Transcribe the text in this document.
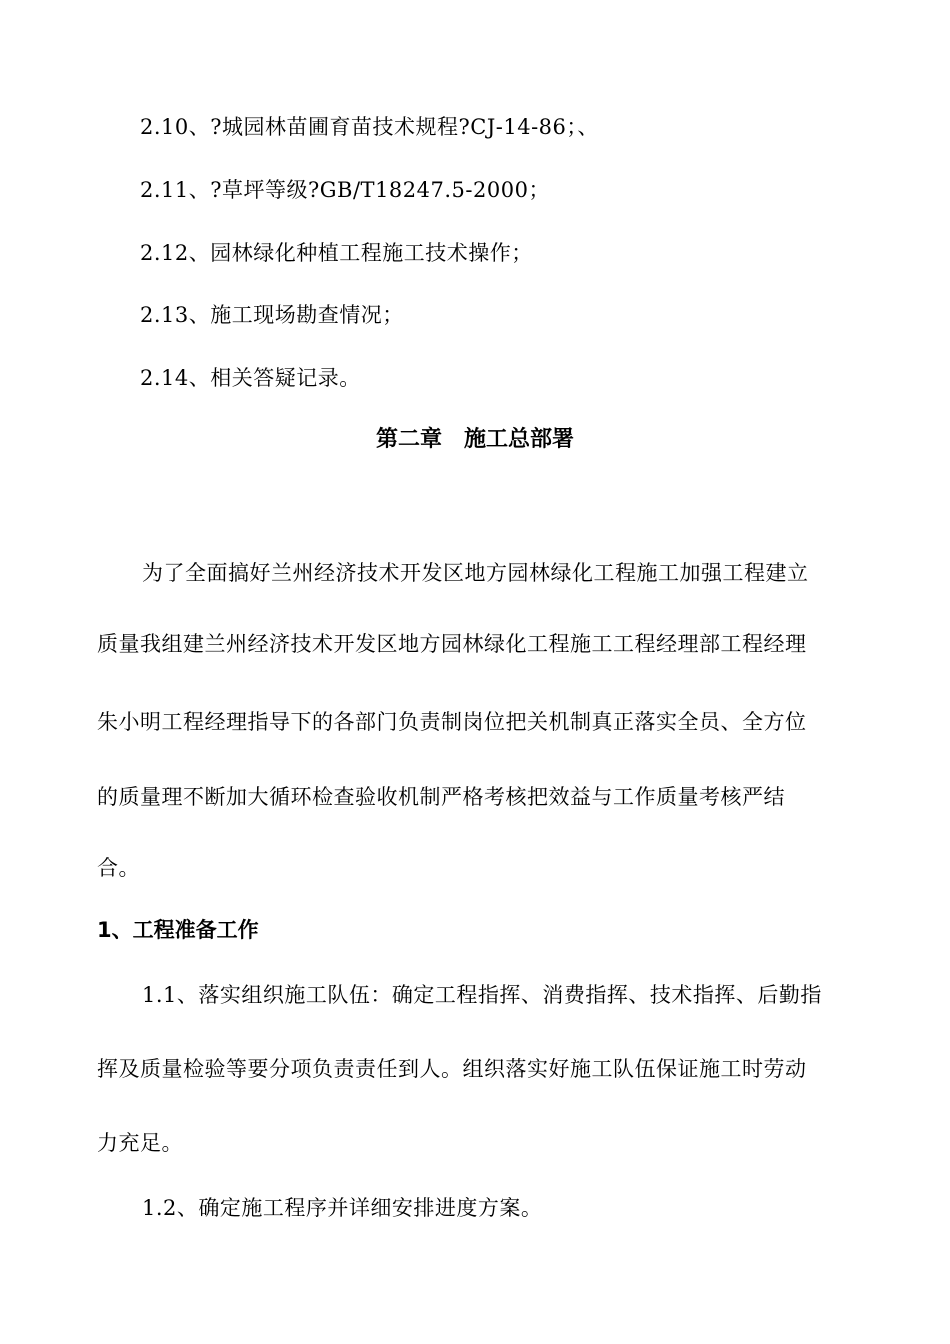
2.10、?城园林苗圃育苗技术规程?CJ-14-86；、
2.11、?草坪等级?GB/T18247.5-2000；
2.12、园林绿化种植工程施工技术操作；
2.13、施工现场勘查情况；
2.14、相关答疑记录。
第二章　施工总部署
为了全面搞好兰州经济技术开发区地方园林绿化工程施工加强工程建立
质量我组建兰州经济技术开发区地方园林绿化工程施工工程经理部工程经理
朱小明工程经理指导下的各部门负责制岗位把关机制真正落实全员、全方位
的质量理不断加大循环检查验收机制严格考核把效益与工作质量考核严结
合。
1、工程准备工作
1.1、落实组织施工队伍：确定工程指挥、消费指挥、技术指挥、后勤指
挥及质量检验等要分项负责责任到人。组织落实好施工队伍保证施工时劳动
力充足。
1.2、确定施工程序并详细安排进度方案。
